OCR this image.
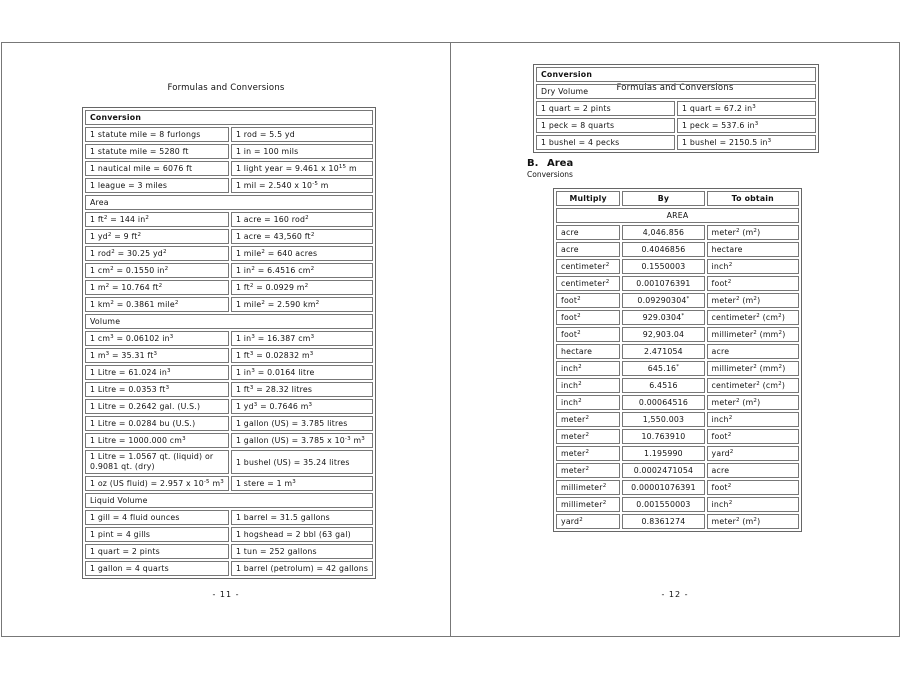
Formulas and Conversions
Conversion	
1 statute mile = 8 furlongs	1 rod = 5.5 yd
1 statute mile = 5280 ft	1 in = 100 mils
1 nautical mile = 6076 ft	1 light year = 9.461 x $10^{15}$ m
1 league = 3 miles	1 mil = 2.540 x $10^{-5}$ m
Area	
1 $ft^2 = 144$ $in^2$	1 acre = 160 rod$^2$
1 $yd^2 = 9$ $ft^2$	1 acre = 43,560 $ft^2$
1 rod$^2$ = 30.25 $yd^2$	1 mile$^2$ = 640 acres
1 $cm^2 = 0.1550$ $in^2$	1 $in^2 = 6.4516$ $cm^2$
1 $m^2 = 10.764$ $ft^2$	1 $ft^2 = 0.0929$ $m^2$
1 $km^2 = 0.3861$ mile$^2$	1 mile$^2$ = 2.590 $km^2$
Volume	
1 $cm^3 = 0.06102$ $in^3$	1 $in^3 = 16.387$ $cm^3$
1 $m^3 = 35.31$ $ft^3$	1 $ft^3 = 0.02832$ $m^3$
1 Litre = 61.024 $in^3$	1 $in^3 = 0.0164$ litre
1 Litre = 0.0353 $ft^3$	1 $ft^3 = 28.32$ litres
1 Litre = 0.2642 gal. (U.S.)	1 $yd^3 = 0.7646$ $m^3$
1 Litre = 0.0284 bu (U.S.)	1 gallon (US) = 3.785 litres
1 Litre = 1000.000 $cm^3$	1 gallon (US) = 3.785 x $10^{-3}$ $m^3$
1 Litre = 1.0567 qt. (liquid) or 0.9081 qt. (dry)	1 bushel (US) = 35.24 litres
1 oz (US fluid) = 2.957 x $10^{-5}$ $m^3$	1 stere = 1 $m^3$
Liquid Volume	
1 gill = 4 fluid ounces	1 barrel = 31.5 gallons
1 pint = 4 gills	1 hogshead = 2 bbl (63 gal)
1 quart = 2 pints	1 tun = 252 gallons
1 gallon = 4 quarts	1 barrel (petrolum) = 42 gallons
- 11 -
Formulas and Conversions
- 12 -
Conversion	
Dry Volume	
1 quart = 2 pints	1 quart = 67.2 $in^3$
1 peck = 8 quarts	1 peck = 537.6 $in^3$
1 bushel = 4 pecks	1 bushel = 2150.5 $in^3$
B. Area
Conversions
Multiply	By	To obtain
AREA		
acre	4,046.856	meter$^2$ $(m^2)$
acre	0.4046856	hectare
centimeter$^2$	0.1550003	inch$^2$
centimeter$^2$	0.001076391	foot$^2$
foot$^2$	0.09290304*	meter$^2$ $(m^2)$
foot$^2$	929.0304*	centimeter$^2$ $(cm^2)$
foot$^2$	92,903.04	millimeter$^2$ $(mm^2)$
hectare	2.471054	acre
inch$^2$	645.16*	millimeter$^2$ $(mm^2)$
inch$^2$	6.4516	centimeter$^2$ $(cm^2)$
inch$^2$	0.00064516	meter$^2$ $(m^2)$
meter$^2$	1,550.003	inch$^2$
meter$^2$	10.763910	foot$^2$
meter$^2$	1.195990	yard$^2$
meter$^2$	0.0002471054	acre
millimeter$^2$	0.00001076391	foot$^2$
millimeter$^2$	0.001550003	inch$^2$
yard$^2$	0.8361274	meter$^2$ $(m^2)$
